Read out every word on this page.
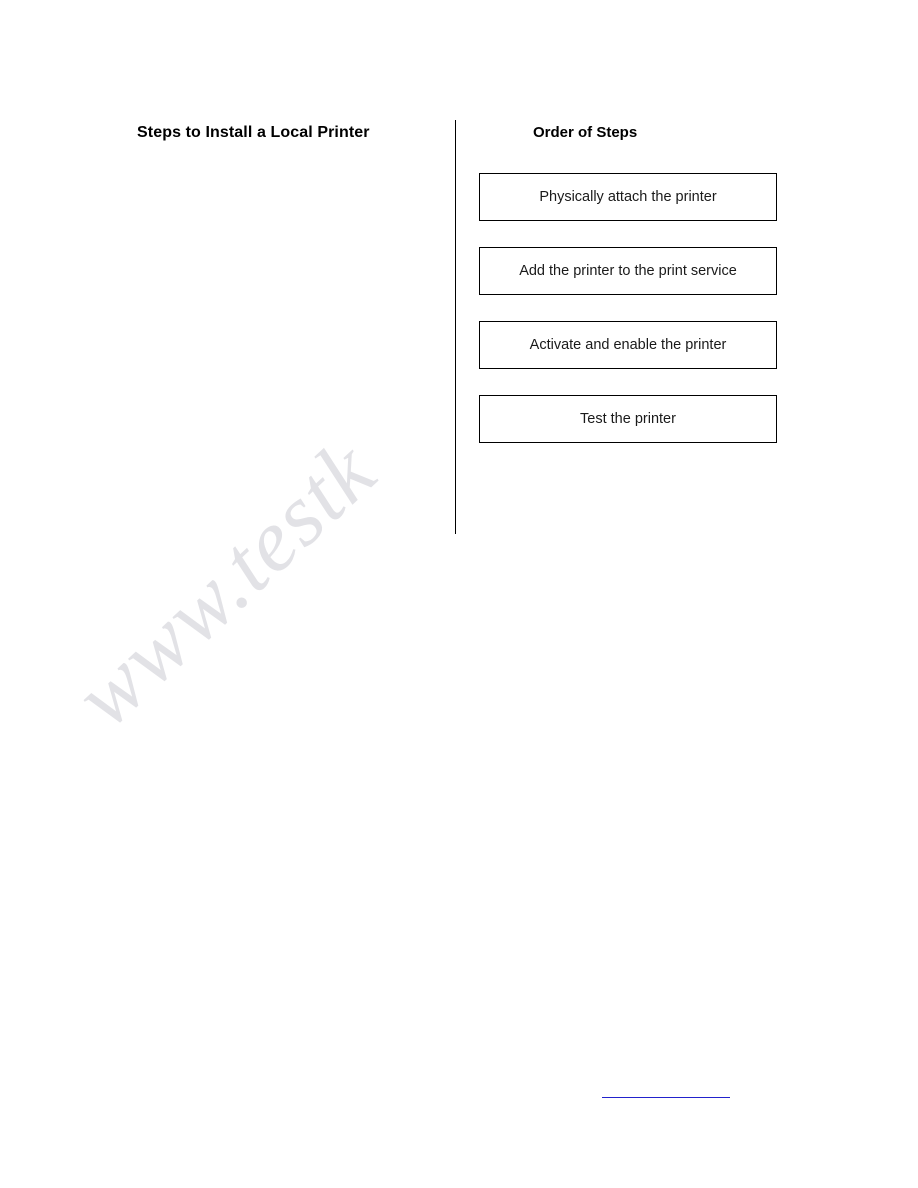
www.testk
Steps to Install a Local Printer	Order of Steps
Physically attach the printer
Add the printer to the print service
Activate and enable the printer
Test the printer
